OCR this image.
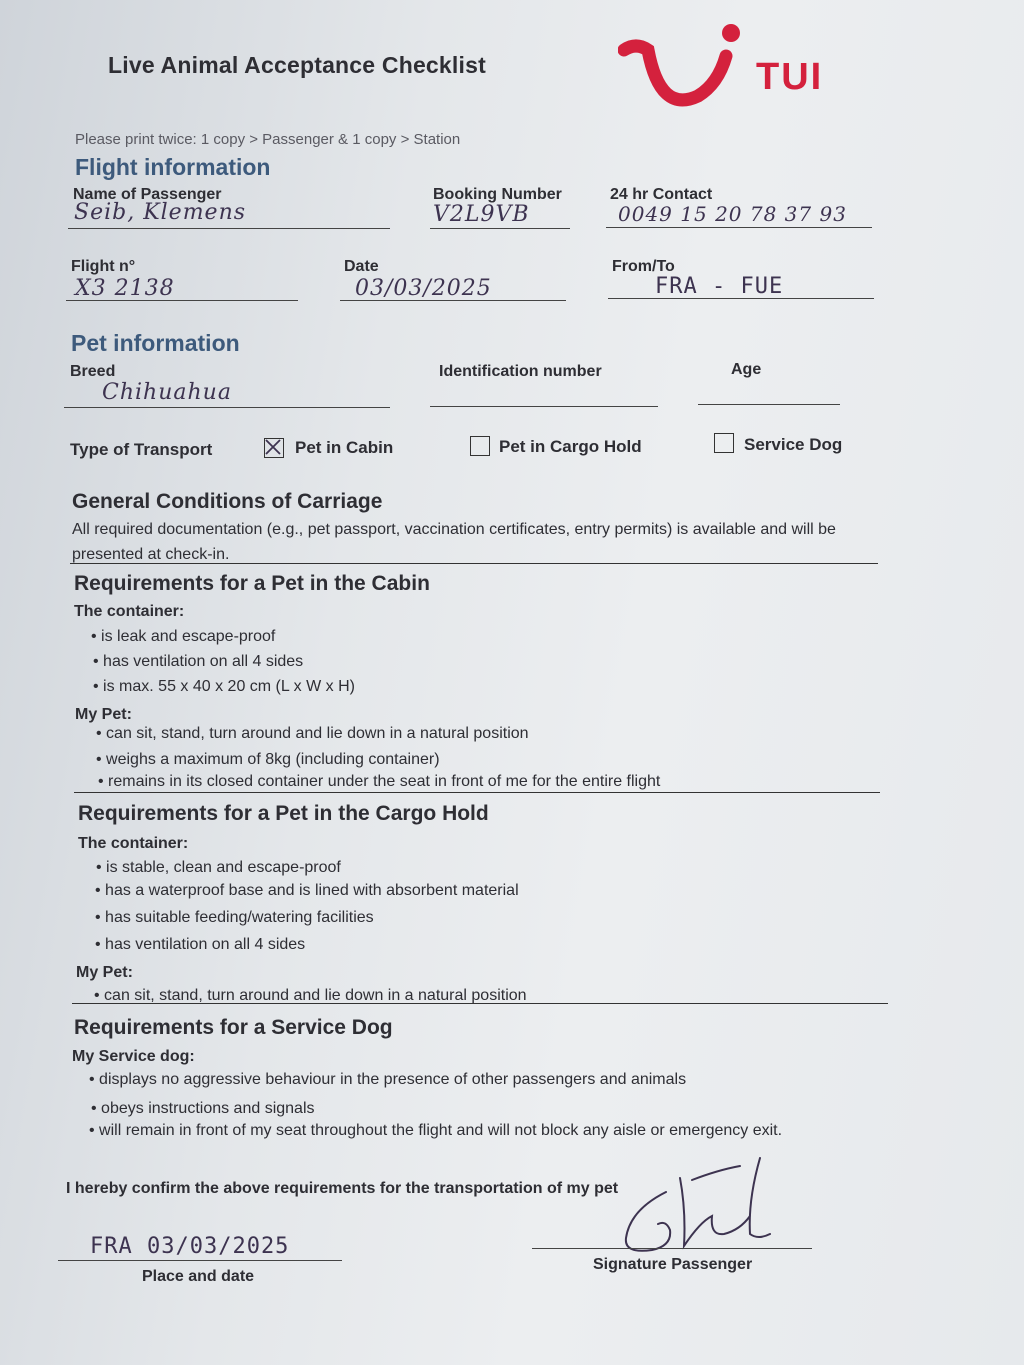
Live Animal Acceptance Checklist	TUI
Please print twice: 1 copy > Passenger & 1 copy > Station
Flight information
Name of Passenger
Seib, Klemens
Booking Number
V2L9VB
24 hr Contact
0049 15 20 78 37 93
Flight n°
X3 2138
Date
03/03/2025
From/To
FRA - FUE
Pet information
Breed
Chihuahua
Identification number	Age
Type of Transport	Pet in Cabin	Pet in Cargo Hold	Service Dog
General Conditions of Carriage
All required documentation (e.g., pet passport, vaccination certificates, entry permits) is available and will be
presented at check-in.
Requirements for a Pet in the Cabin
The container:
• is leak and escape-proof
• has ventilation on all 4 sides
• is max. 55 x 40 x 20 cm (L x W x H)
My Pet:
• can sit, stand, turn around and lie down in a natural position
• weighs a maximum of 8kg (including container)
• remains in its closed container under the seat in front of me for the entire flight
Requirements for a Pet in the Cargo Hold
The container:
• is stable, clean and escape-proof
• has a waterproof base and is lined with absorbent material
• has suitable feeding/watering facilities
• has ventilation on all 4 sides
My Pet:
• can sit, stand, turn around and lie down in a natural position
Requirements for a Service Dog
My Service dog:
• displays no aggressive behaviour in the presence of other passengers and animals
• obeys instructions and signals
• will remain in front of my seat throughout the flight and will not block any aisle or emergency exit.
I hereby confirm the above requirements for the transportation of my pet
FRA 03/03/2025
Place and date
Signature Passenger
